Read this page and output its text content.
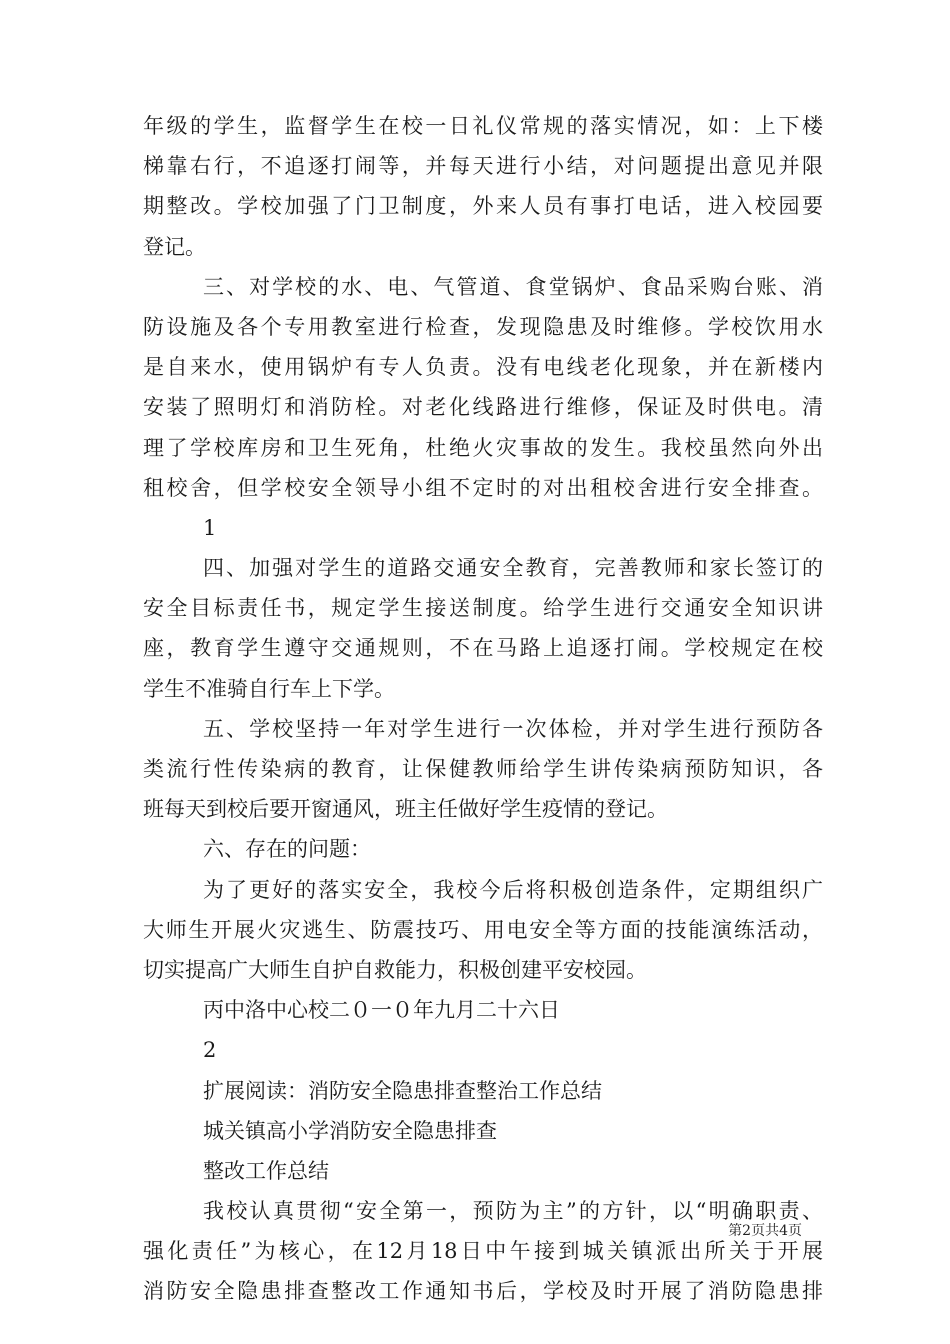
年级的学生，监督学生在校一日礼仪常规的落实情况，如：上下楼
梯靠右行，不追逐打闹等，并每天进行小结，对问题提出意见并限
期整改。学校加强了门卫制度，外来人员有事打电话，进入校园要
登记。
三、对学校的水、电、气管道、食堂锅炉、食品采购台账、消
防设施及各个专用教室进行检查，发现隐患及时维修。学校饮用水
是自来水，使用锅炉有专人负责。没有电线老化现象，并在新楼内
安装了照明灯和消防栓。对老化线路进行维修，保证及时供电。清
理了学校库房和卫生死角，杜绝火灾事故的发生。我校虽然向外出
租校舍，但学校安全领导小组不定时的对出租校舍进行安全排查。
1
四、加强对学生的道路交通安全教育，完善教师和家长签订的
安全目标责任书，规定学生接送制度。给学生进行交通安全知识讲
座，教育学生遵守交通规则，不在马路上追逐打闹。学校规定在校
学生不准骑自行车上下学。
五、学校坚持一年对学生进行一次体检，并对学生进行预防各
类流行性传染病的教育，让保健教师给学生讲传染病预防知识，各
班每天到校后要开窗通风，班主任做好学生疫情的登记。
六、存在的问题：
为了更好的落实安全，我校今后将积极创造条件，定期组织广
大师生开展火灾逃生、防震技巧、用电安全等方面的技能演练活动，
切实提高广大师生自护自救能力，积极创建平安校园。
丙中洛中心校二０一０年九月二十六日
2
扩展阅读：消防安全隐患排查整治工作总结
城关镇高小学消防安全隐患排查
整改工作总结
我校认真贯彻“安全第一，预防为主”的方针，以“明确职责、
强化责任”为核心，在12月18日中午接到城关镇派出所关于开展
消防安全隐患排查整改工作通知书后，学校及时开展了消防隐患排
第2页共4页
